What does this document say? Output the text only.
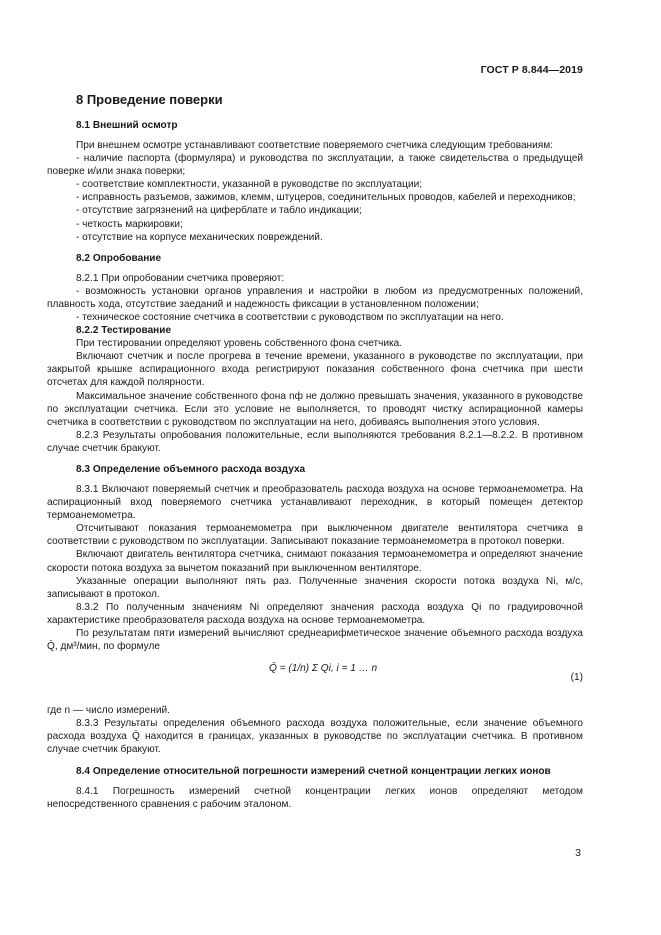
ГОСТ Р 8.844—2019
8 Проведение поверки
8.1 Внешний осмотр

При внешнем осмотре устанавливают соответствие поверяемого счетчика следующим требованиям:

- наличие паспорта (формуляра) и руководства по эксплуатации, а также свидетельства о предыдущей поверке и/или знака поверки;

- соответствие комплектности, указанной в руководстве по эксплуатации;

- исправность разъемов, зажимов, клемм, штуцеров, соединительных проводов, кабелей и переходников;

- отсутствие загрязнений на циферблате и табло индикации;

- четкость маркировки;

- отсутствие на корпусе механических повреждений.

8.2 Опробование

8.2.1 При опробовании счетчика проверяют:

- возможность установки органов управления и настройки в любом из предусмотренных положений, плавность хода, отсутствие заеданий и надежность фиксации в установленном положении;

- техническое состояние счетчика в соответствии с руководством по эксплуатации на него.

8.2.2 Тестирование

При тестировании определяют уровень собственного фона счетчика.

Включают счетчик и после прогрева в течение времени, указанного в руководстве по эксплуатации, при закрытой крышке аспирационного входа регистрируют показания собственного фона счетчика при шести отсчетах для каждой полярности.

Максимальное значение собственного фона nф не должно превышать значения, указанного в руководстве по эксплуатации счетчика. Если это условие не выполняется, то проводят чистку аспирационной камеры счетчика в соответствии с руководством по эксплуатации на него, добиваясь выполнения этого условия.

8.2.3 Результаты опробования положительные, если выполняются требования 8.2.1—8.2.2. В противном случае счетчик бракуют.

8.3 Определение объемного расхода воздуха

8.3.1 Включают поверяемый счетчик и преобразователь расхода воздуха на основе термоанемометра. На аспирационный вход поверяемого счетчика устанавливают переходник, в который помещен детектор термоанемометра.

Отсчитывают показания термоанемометра при выключенном двигателе вентилятора счетчика в соответствии с руководством по эксплуатации. Записывают показание термоанемометра в протокол поверки.

Включают двигатель вентилятора счетчика, снимают показания термоанемометра и определяют значение скорости потока воздуха за вычетом показаний при выключенном вентиляторе.

Указанные операции выполняют пять раз. Полученные значения скорости потока воздуха Ni, м/с, записывают в протокол.

8.3.2 По полученным значениям Ni определяют значения расхода воздуха Qi по градуировочной характеристике преобразователя расхода воздуха на основе термоанемометра.

По результатам пяти измерений вычисляют среднеарифметическое значение объемного расхода воздуха Q̄, дм³/мин, по формуле

Q̄ = (1/n) Σ Qi, i = 1 … n
(1)

где n — число измерений.

8.3.3 Результаты определения объемного расхода воздуха положительные, если значение объемного расхода воздуха Q̄ находится в границах, указанных в руководстве по эксплуатации счетчика. В противном случае счетчик бракуют.

8.4 Определение относительной погрешности измерений счетной концентрации легких ионов

8.4.1 Погрешность измерений счетной концентрации легких ионов определяют методом непосредственного сравнения с рабочим эталоном.

3
